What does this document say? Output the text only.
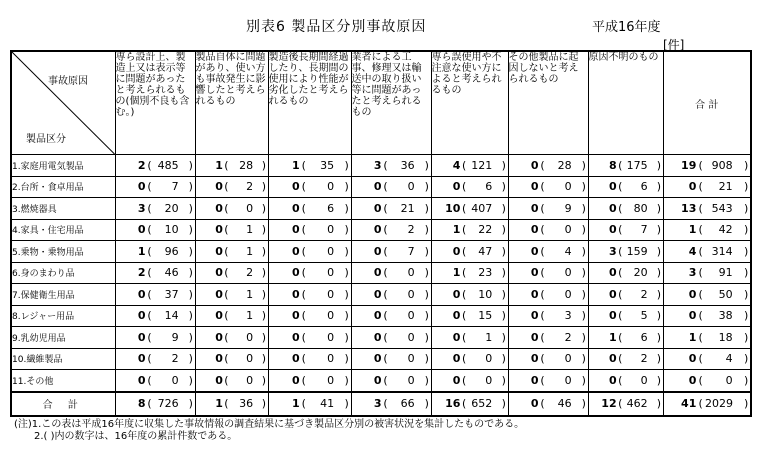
別表6 製品区分別事故原因	平成16年度
[件]
事故原因
製品区分	専ら設計上、製造上又は表示等に問題があったと考えられるもの(個別不良も含む。)	製品自体に問題があり、使い方も事故発生に影響したと考えられるもの	製造後長期間経過したり、長期間の使用により性能が劣化したと考えられるもの	業者による工事、修理又は輸送中の取り扱い等に問題があったと考えられるもの	専ら誤使用や不注意な使い方によると考えられるもの	その他製品に起因しないと考えられるもの	原因不明のもの	合 計
1.家庭用電気製品	2 ( 485 )	1 ( 28 )	1 ( 35 )	3 ( 36 )	4 ( 121 )	0 ( 28 )	8 ( 175 )	19 ( 908 )

2.台所・食卓用品	0 ( 7 )	0 ( 2 )	0 ( 0 )	0 ( 0 )	0 ( 6 )	0 ( 0 )	0 ( 6 )	0 ( 21 )

3.燃焼器具	3 ( 20 )	0 ( 0 )	0 ( 6 )	0 ( 21 )	10 ( 407 )	0 ( 9 )	0 ( 80 )	13 ( 543 )

4.家具・住宅用品	0 ( 10 )	0 ( 1 )	0 ( 0 )	0 ( 2 )	1 ( 22 )	0 ( 0 )	0 ( 7 )	1 ( 42 )

5.乗物・乗物用品	1 ( 96 )	0 ( 1 )	0 ( 0 )	0 ( 7 )	0 ( 47 )	0 ( 4 )	3 ( 159 )	4 ( 314 )

6.身のまわり品	2 ( 46 )	0 ( 2 )	0 ( 0 )	0 ( 0 )	1 ( 23 )	0 ( 0 )	0 ( 20 )	3 ( 91 )

7.保健衛生用品	0 ( 37 )	0 ( 1 )	0 ( 0 )	0 ( 0 )	0 ( 10 )	0 ( 0 )	0 ( 2 )	0 ( 50 )

8.レジャー用品	0 ( 14 )	0 ( 1 )	0 ( 0 )	0 ( 0 )	0 ( 15 )	0 ( 3 )	0 ( 5 )	0 ( 38 )

9.乳幼児用品	0 ( 9 )	0 ( 0 )	0 ( 0 )	0 ( 0 )	0 ( 1 )	0 ( 2 )	1 ( 6 )	1 ( 18 )

10.繊維製品	0 ( 2 )	0 ( 0 )	0 ( 0 )	0 ( 0 )	0 ( 0 )	0 ( 0 )	0 ( 2 )	0 ( 4 )

11.その他	0 ( 0 )	0 ( 0 )	0 ( 0 )	0 ( 0 )	0 ( 0 )	0 ( 0 )	0 ( 0 )	0 ( 0 )

合 計	8 ( 726 )	1 ( 36 )	1 ( 41 )	3 ( 66 )	16 ( 652 )	0 ( 46 )	12 ( 462 )	41 ( 2029 )
(注)1.この表は平成16年度に収集した事故情報の調査結果に基づき製品区分別の被害状況を集計したものである。
2.( )内の数字は、16年度の累計件数である。
